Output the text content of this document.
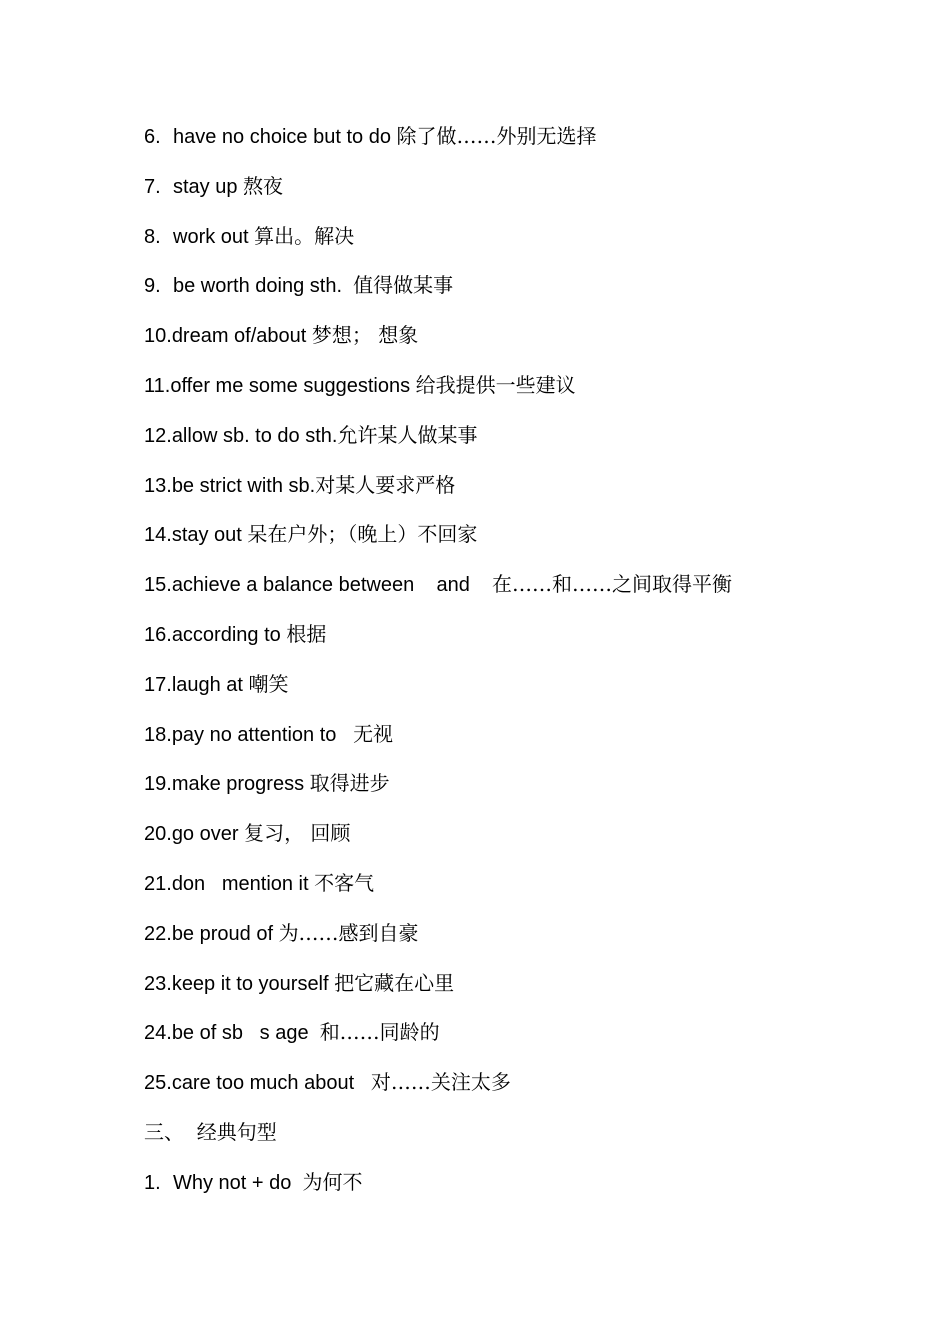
6. have no choice but to do 除了做……外别无选择
7. stay up 熬夜
8. work out 算出。解决
9. be worth doing sth.  值得做某事
10.dream of/about 梦想； 想象
11.offer me some suggestions 给我提供一些建议
12.allow sb. to do sth.允许某人做某事
13.be strict with sb.对某人要求严格
14.stay out 呆在户外；（晚上）不回家
15.achieve a balance between    and    在……和……之间取得平衡
16.according to 根据
17.laugh at 嘲笑
18.pay no attention to   无视
19.make progress 取得进步
20.go over 复习， 回顾
21.don   mention it 不客气
22.be proud of 为……感到自豪
23.keep it to yourself 把它藏在心里
24.be of sb   s age  和……同龄的
25.care too much about   对……关注太多
三、  经典句型
1. Why not + do  为何不
